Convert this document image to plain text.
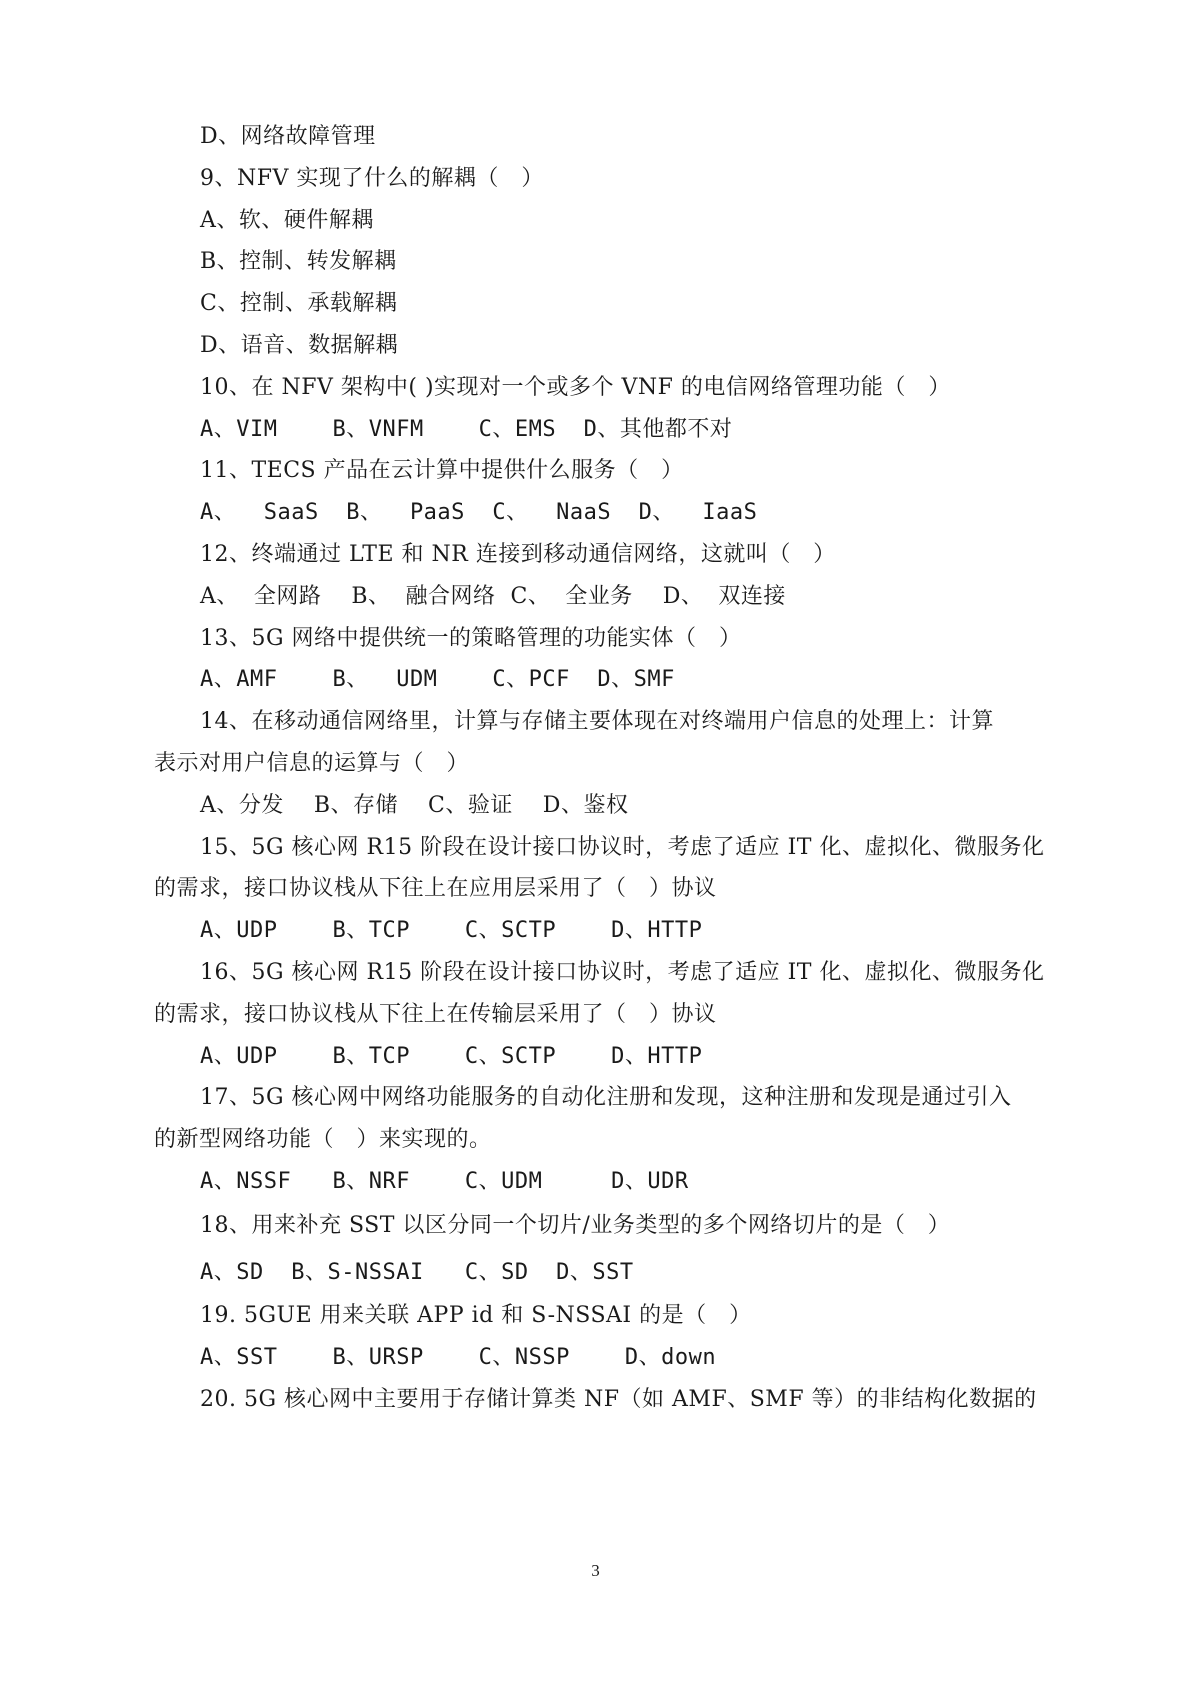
D、网络故障管理
9、NFV 实现了什么的解耦（   ）
A、软、硬件解耦
B、控制、转发解耦
C、控制、承载解耦
D、语音、数据解耦
10、在 NFV 架构中( )实现对一个或多个 VNF 的电信网络管理功能（   ）
A、VIM    B、VNFM    C、EMS  D、其他都不对
11、TECS 产品在云计算中提供什么服务（   ）
A、  SaaS  B、  PaaS  C、  NaaS  D、  IaaS
12、终端通过 LTE 和 NR 连接到移动通信网络，这就叫（   ）
A、  全网路    B、  融合网络  C、  全业务    D、  双连接
13、5G 网络中提供统一的策略管理的功能实体（   ）
A、AMF    B、  UDM    C、PCF  D、SMF
14、在移动通信网络里，计算与存储主要体现在对终端用户信息的处理上：计算
表示对用户信息的运算与（   ）
A、分发    B、存储    C、验证    D、鉴权
15、5G 核心网 R15 阶段在设计接口协议时，考虑了适应 IT 化、虚拟化、微服务化
的需求，接口协议栈从下往上在应用层采用了（   ）协议
A、UDP    B、TCP    C、SCTP    D、HTTP
16、5G 核心网 R15 阶段在设计接口协议时，考虑了适应 IT 化、虚拟化、微服务化
的需求，接口协议栈从下往上在传输层采用了（   ）协议
A、UDP    B、TCP    C、SCTP    D、HTTP
17、5G 核心网中网络功能服务的自动化注册和发现，这种注册和发现是通过引入
的新型网络功能（   ）来实现的。
A、NSSF   B、NRF    C、UDM     D、UDR
18、用来补充 SST 以区分同一个切片/业务类型的多个网络切片的是（   ）
A、SD  B、S-NSSAI   C、SD  D、SST
19. 5GUE 用来关联 APP id 和 S-NSSAI 的是（   ）
A、SST    B、URSP    C、NSSP    D、down
20. 5G 核心网中主要用于存储计算类 NF（如 AMF、SMF 等）的非结构化数据的
3
